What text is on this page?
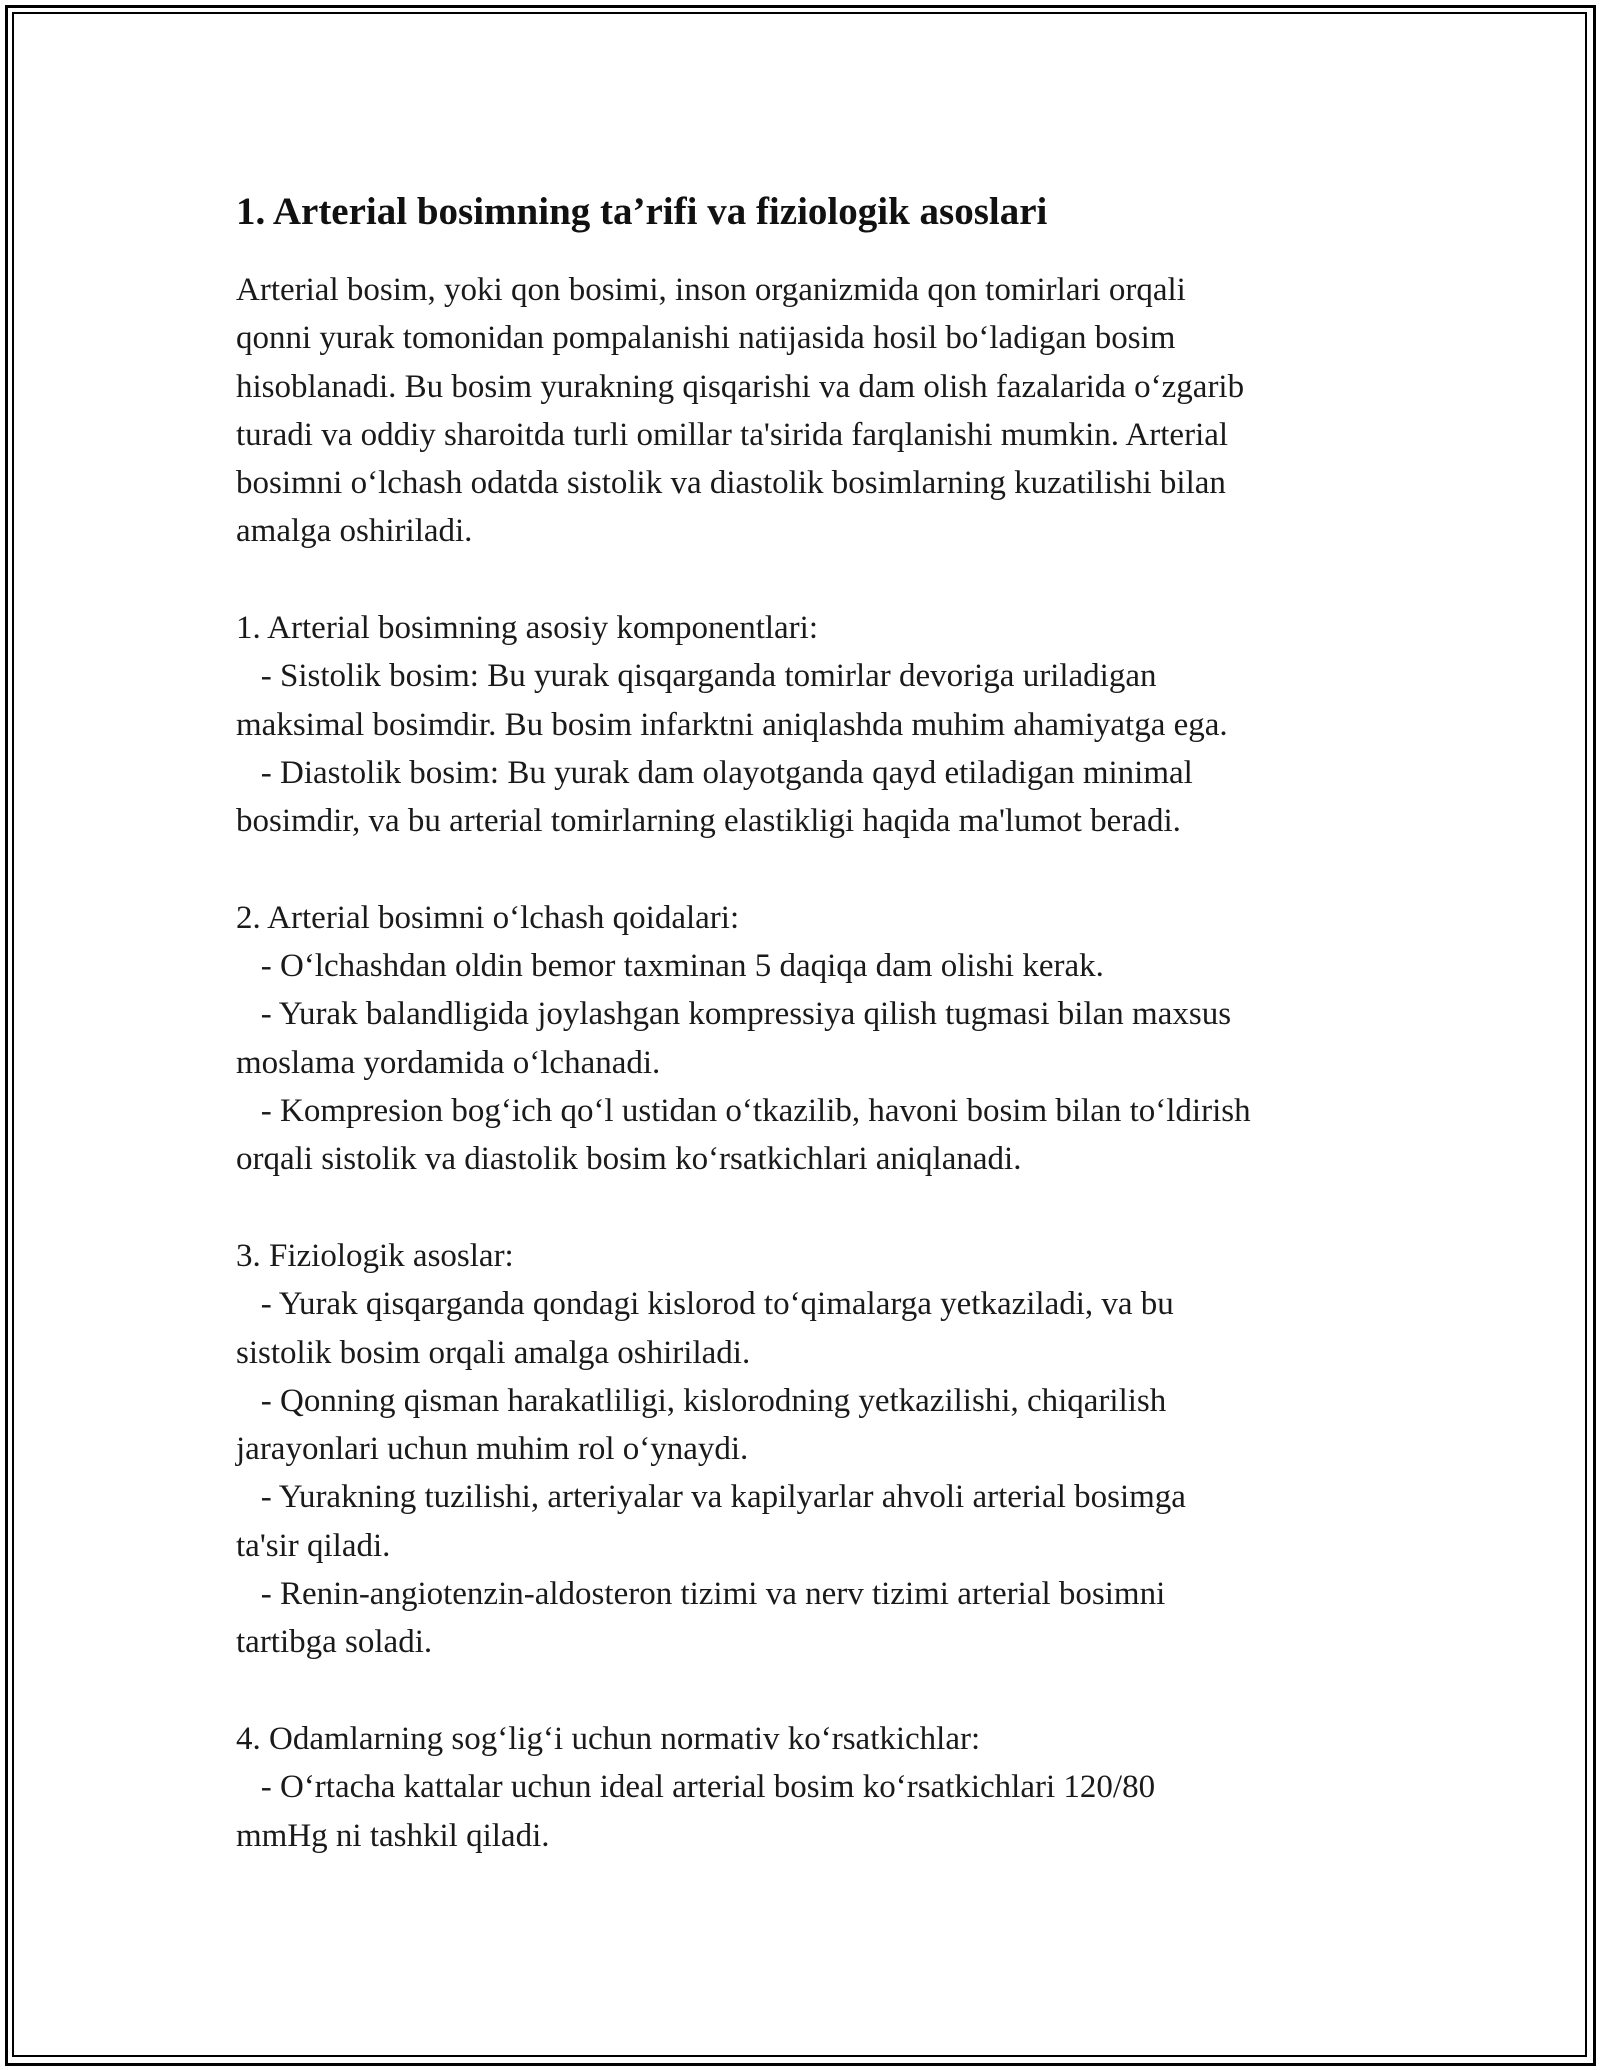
1. Arterial bosimning ta’rifi va fiziologik asoslari
Arterial bosim, yoki qon bosimi, inson organizmida qon tomirlari orqali
qonni yurak tomonidan pompalanishi natijasida hosil bo‘ladigan bosim
hisoblanadi. Bu bosim yurakning qisqarishi va dam olish fazalarida o‘zgarib
turadi va oddiy sharoitda turli omillar ta'sirida farqlanishi mumkin. Arterial
bosimni o‘lchash odatda sistolik va diastolik bosimlarning kuzatilishi bilan
amalga oshiriladi.
1. Arterial bosimning asosiy komponentlari:
- Sistolik bosim: Bu yurak qisqarganda tomirlar devoriga uriladigan
maksimal bosimdir. Bu bosim infarktni aniqlashda muhim ahamiyatga ega.
- Diastolik bosim: Bu yurak dam olayotganda qayd etiladigan minimal
bosimdir, va bu arterial tomirlarning elastikligi haqida ma'lumot beradi.
2. Arterial bosimni o‘lchash qoidalari:
- O‘lchashdan oldin bemor taxminan 5 daqiqa dam olishi kerak.
- Yurak balandligida joylashgan kompressiya qilish tugmasi bilan maxsus
moslama yordamida o‘lchanadi.
- Kompresion bog‘ich qo‘l ustidan o‘tkazilib, havoni bosim bilan to‘ldirish
orqali sistolik va diastolik bosim ko‘rsatkichlari aniqlanadi.
3. Fiziologik asoslar:
- Yurak qisqarganda qondagi kislorod to‘qimalarga yetkaziladi, va bu
sistolik bosim orqali amalga oshiriladi.
- Qonning qisman harakatliligi, kislorodning yetkazilishi, chiqarilish
jarayonlari uchun muhim rol o‘ynaydi.
- Yurakning tuzilishi, arteriyalar va kapilyarlar ahvoli arterial bosimga
ta'sir qiladi.
- Renin-angiotenzin-aldosteron tizimi va nerv tizimi arterial bosimni
tartibga soladi.
4. Odamlarning sog‘lig‘i uchun normativ ko‘rsatkichlar:
- O‘rtacha kattalar uchun ideal arterial bosim ko‘rsatkichlari 120/80
mmHg ni tashkil qiladi.
